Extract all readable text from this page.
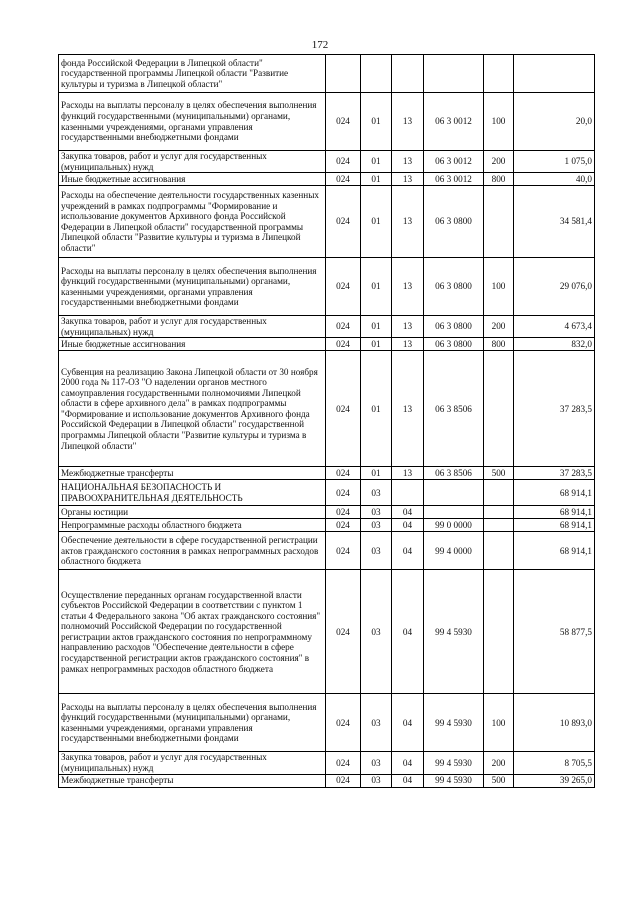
172
фонда Российской Федерации в Липецкой области" государственной программы Липецкой области "Развитие культуры и туризма в Липецкой области"						
Расходы на выплаты персоналу в целях обеспечения выполнения функций государственными (муниципальными) органами, казенными учреждениями, органами управления государственными внебюджетными фондами	024	01	13	06 3 0012	100	20,0
Закупка товаров, работ и услуг для государственных (муниципальных) нужд	024	01	13	06 3 0012	200	1 075,0
Иные бюджетные ассигнования	024	01	13	06 3 0012	800	40,0
Расходы на обеспечение деятельности государственных казенных учреждений в рамках подпрограммы "Формирование и использование документов Архивного фонда Российской Федерации в Липецкой области" государственной программы Липецкой области "Развитие культуры и туризма в Липецкой области"	024	01	13	06 3 0800		34 581,4
Расходы на выплаты персоналу в целях обеспечения выполнения функций государственными (муниципальными) органами, казенными учреждениями, органами управления государственными внебюджетными фондами	024	01	13	06 3 0800	100	29 076,0
Закупка товаров, работ и услуг для государственных (муниципальных) нужд	024	01	13	06 3 0800	200	4 673,4
Иные бюджетные ассигнования	024	01	13	06 3 0800	800	832,0
Субвенция на реализацию Закона Липецкой области от 30 ноября 2000 года № 117-ОЗ "О наделении органов местного самоуправления государственными полномочиями Липецкой области в сфере архивного дела" в рамках подпрограммы "Формирование и использование документов Архивного фонда Российской Федерации в Липецкой области" государственной программы Липецкой области "Развитие культуры и туризма в Липецкой области"	024	01	13	06 3 8506		37 283,5
Межбюджетные трансферты	024	01	13	06 3 8506	500	37 283,5
НАЦИОНАЛЬНАЯ БЕЗОПАСНОСТЬ И ПРАВООХРАНИТЕЛЬНАЯ ДЕЯТЕЛЬНОСТЬ	024	03				68 914,1
Органы юстиции	024	03	04			68 914,1
Непрограммные расходы областного бюджета	024	03	04	99 0 0000		68 914,1
Обеспечение деятельности в сфере государственной регистрации актов гражданского состояния в рамках непрограммных расходов областного бюджета	024	03	04	99 4 0000		68 914,1
Осуществление переданных органам государственной власти субъектов Российской Федерации в соответствии с пунктом 1 статьи 4 Федерального закона "Об актах гражданского состояния" полномочий Российской Федерации по государственной регистрации актов гражданского состояния по непрограммному направлению расходов "Обеспечение деятельности в сфере государственной регистрации актов гражданского состояния" в рамках непрограммных расходов областного бюджета	024	03	04	99 4 5930		58 877,5
Расходы на выплаты персоналу в целях обеспечения выполнения функций государственными (муниципальными) органами, казенными учреждениями, органами управления государственными внебюджетными фондами	024	03	04	99 4 5930	100	10 893,0
Закупка товаров, работ и услуг для государственных (муниципальных) нужд	024	03	04	99 4 5930	200	8 705,5
Межбюджетные трансферты	024	03	04	99 4 5930	500	39 265,0
